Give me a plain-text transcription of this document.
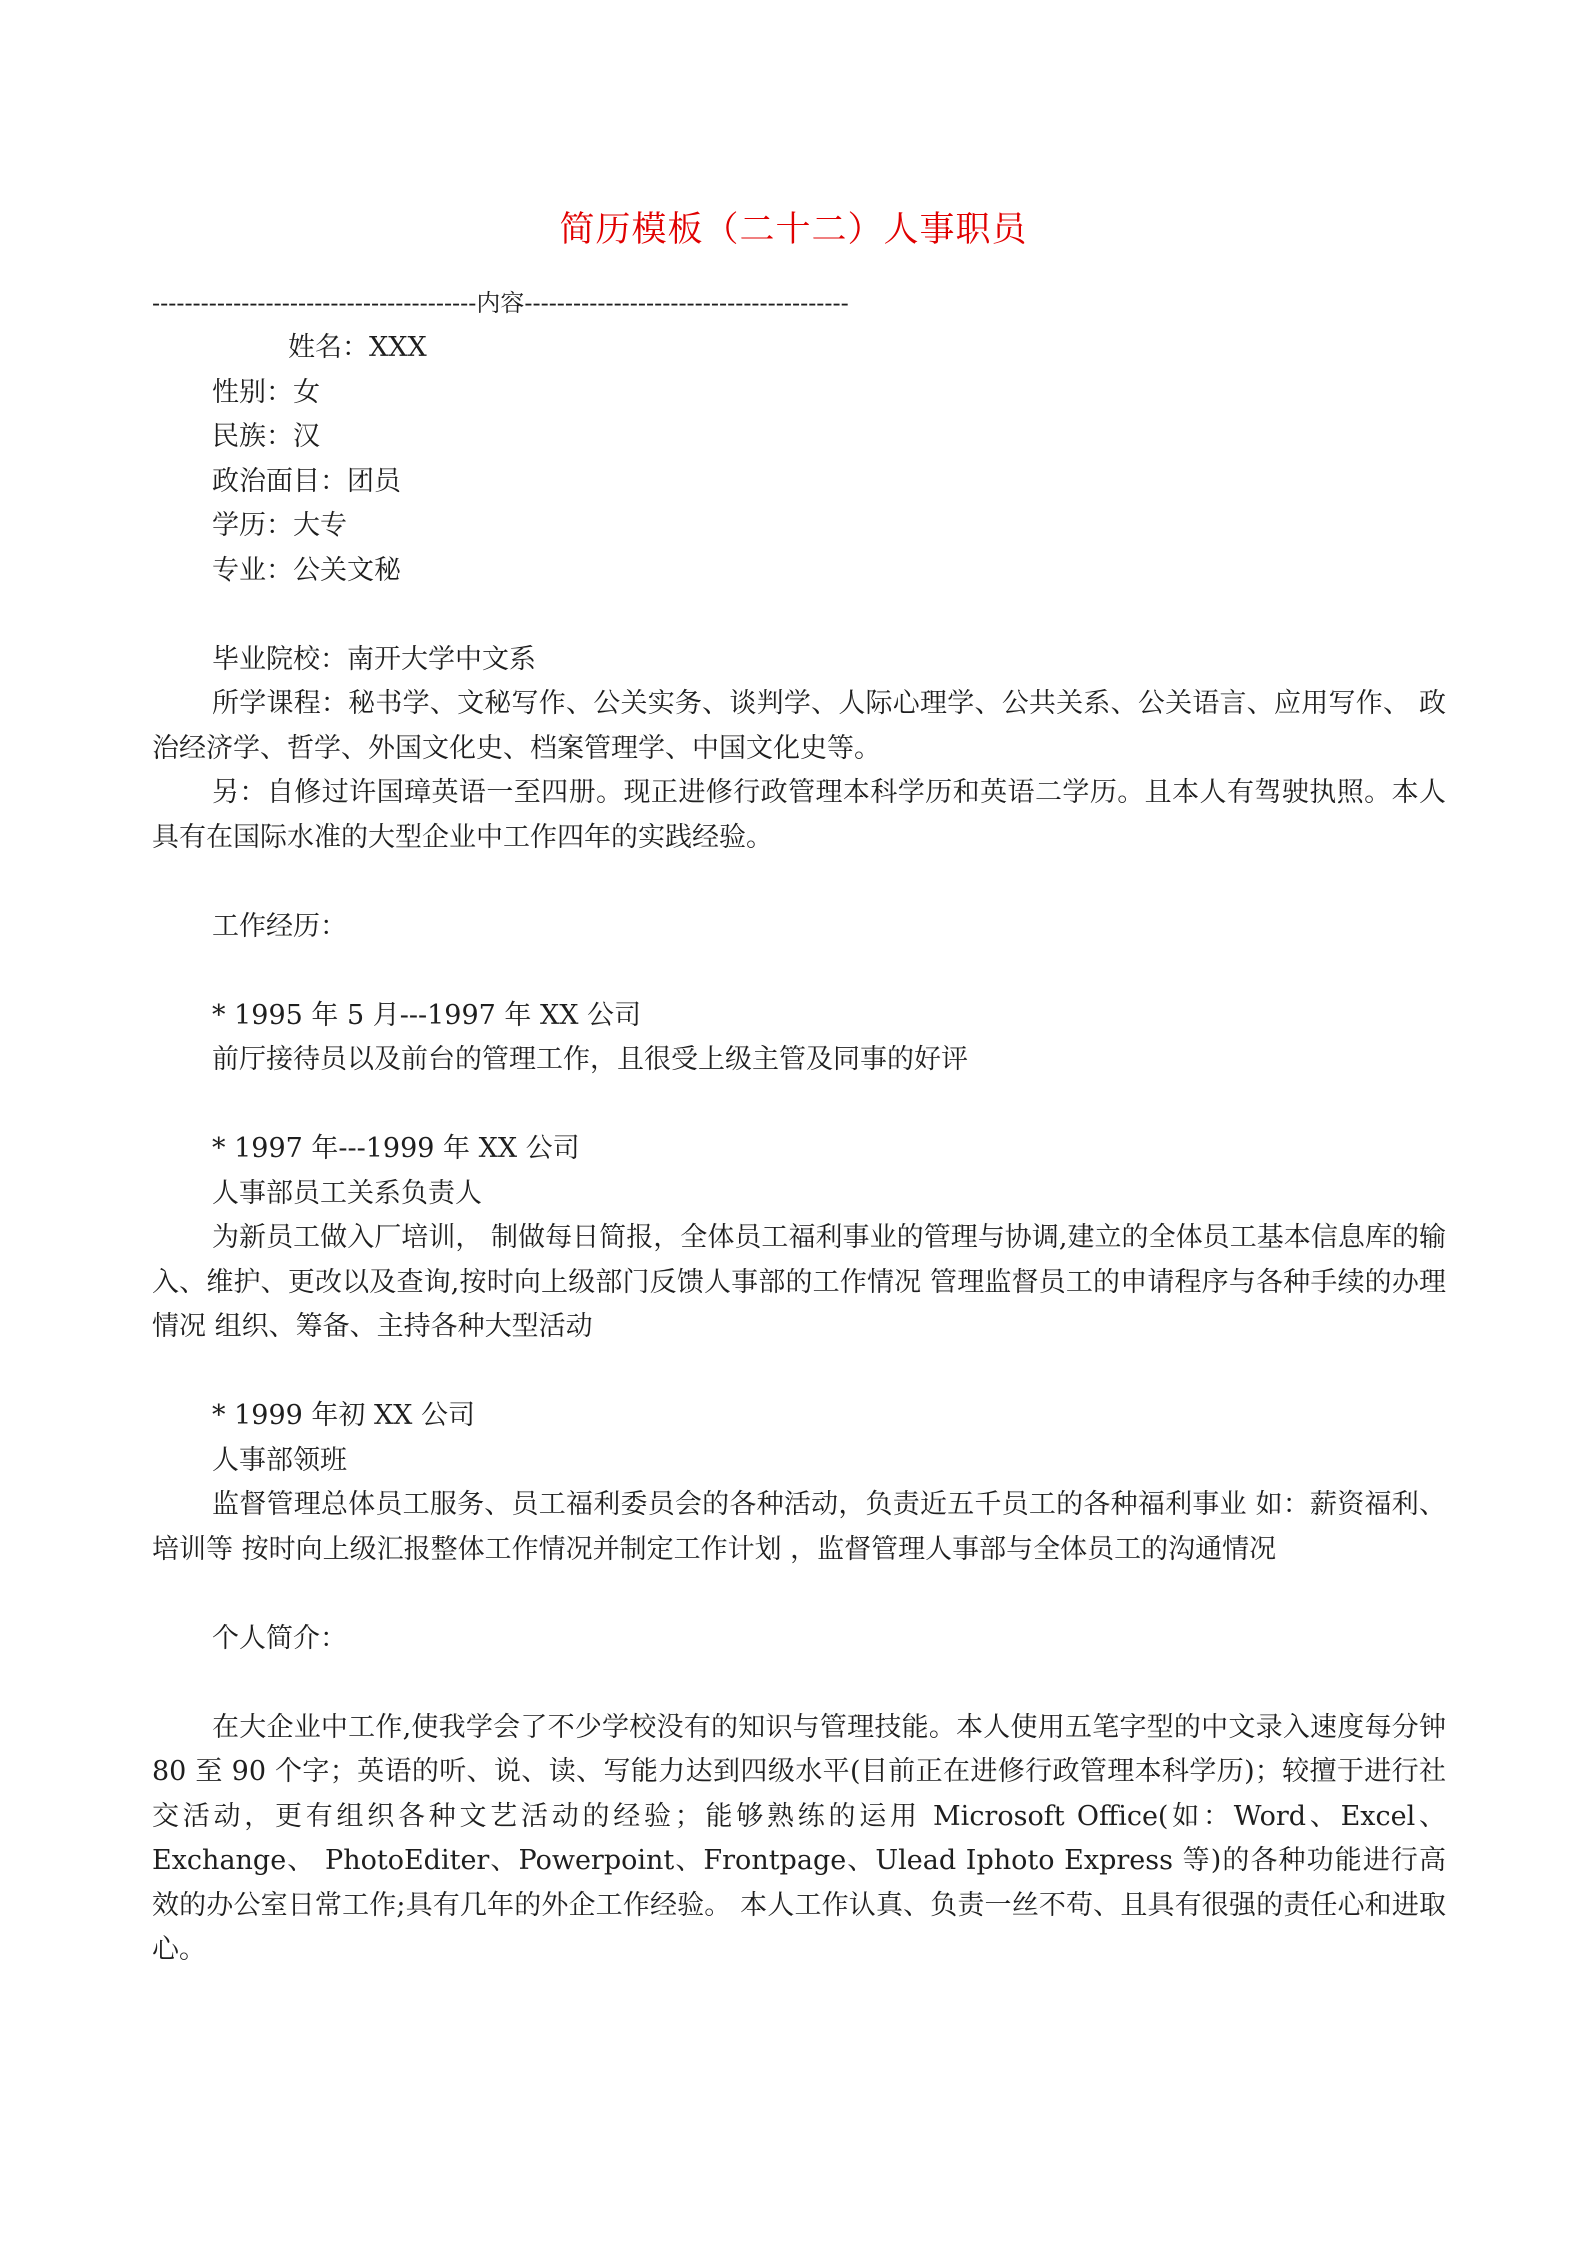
简历模板（二十二）人事职员
----------------------------------------内容----------------------------------------

姓名：XXX

性别：女

民族：汉

政治面目：团员

学历：大专

专业：公关文秘

毕业院校：南开大学中文系

所学课程：秘书学、文秘写作、公关实务、谈判学、人际心理学、公共关系、公关语言、应用写作、 政治经济学、哲学、外国文化史、档案管理学、中国文化史等。

另：自修过许国璋英语一至四册。现正进修行政管理本科学历和英语二学历。且本人有驾驶执照。本人具有在国际水准的大型企业中工作四年的实践经验。

工作经历：

* 1995 年 5 月---1997 年 XX 公司

前厅接待员以及前台的管理工作，且很受上级主管及同事的好评

* 1997 年---1999 年 XX 公司

人事部员工关系负责人

为新员工做入厂培训， 制做每日简报，全体员工福利事业的管理与协调,建立的全体员工基本信息库的输入、维护、更改以及查询,按时向上级部门反馈人事部的工作情况 管理监督员工的申请程序与各种手续的办理情况 组织、筹备、主持各种大型活动

* 1999 年初 XX 公司

人事部领班

监督管理总体员工服务、员工福利委员会的各种活动，负责近五千员工的各种福利事业 如：薪资福利、培训等 按时向上级汇报整体工作情况并制定工作计划 ，监督管理人事部与全体员工的沟通情况

个人简介：

在大企业中工作,使我学会了不少学校没有的知识与管理技能。本人使用五笔字型的中文录入速度每分钟 80 至 90 个字；英语的听、说、读、写能力达到四级水平(目前正在进修行政管理本科学历)；较擅于进行社交活动，更有组织各种文艺活动的经验；能够熟练的运用 Microsoft Office(如：Word、Excel、Exchange、 PhotoEditer、Powerpoint、Frontpage、Ulead Iphoto Express 等)的各种功能进行高效的办公室日常工作;具有几年的外企工作经验。 本人工作认真、负责一丝不苟、且具有很强的责任心和进取心。
